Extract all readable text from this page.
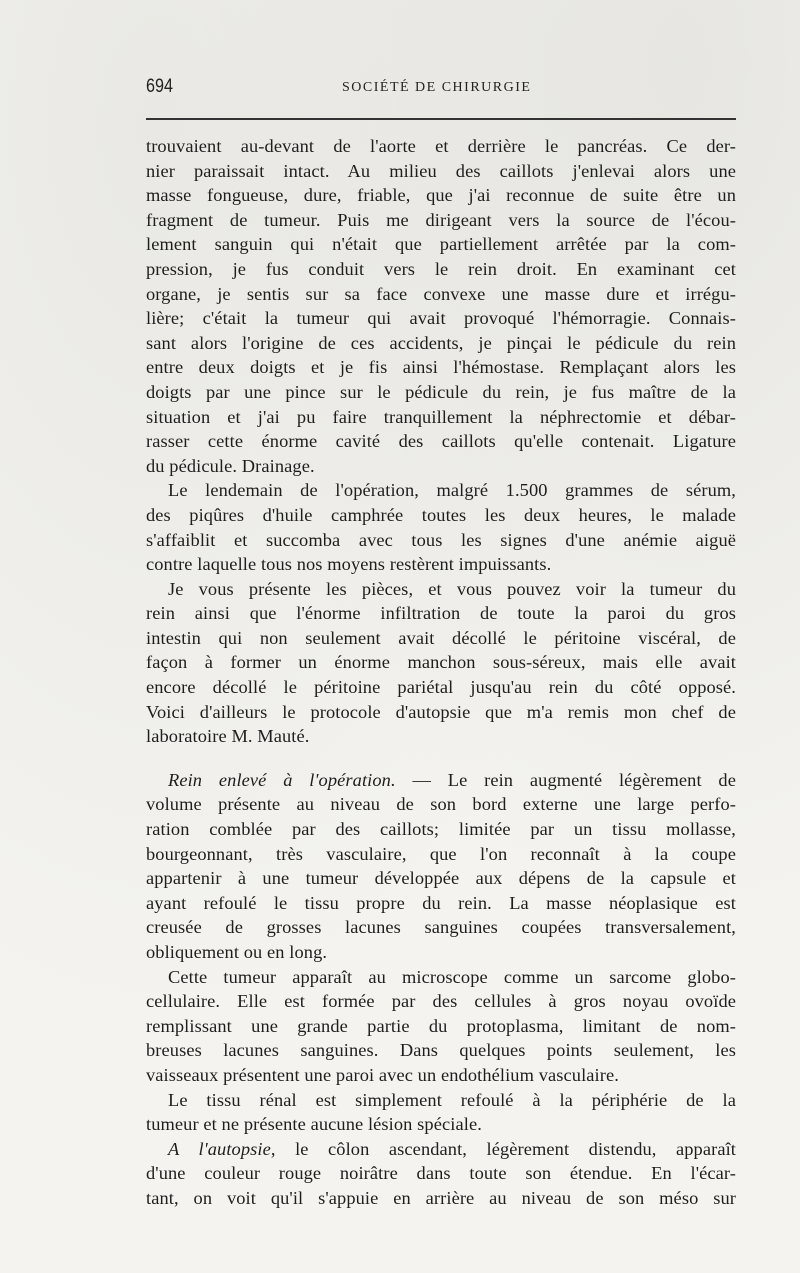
694	SOCIÉTÉ DE CHIRURGIE
trouvaient au-devant de l'aorte et derrière le pancréas. Ce der-
nier paraissait intact. Au milieu des caillots j'enlevai alors une
masse fongueuse, dure, friable, que j'ai reconnue de suite être un
fragment de tumeur. Puis me dirigeant vers la source de l'écou-
lement sanguin qui n'était que partiellement arrêtée par la com-
pression, je fus conduit vers le rein droit. En examinant cet
organe, je sentis sur sa face convexe une masse dure et irrégu-
lière; c'était la tumeur qui avait provoqué l'hémorragie. Connais-
sant alors l'origine de ces accidents, je pinçai le pédicule du rein
entre deux doigts et je fis ainsi l'hémostase. Remplaçant alors les
doigts par une pince sur le pédicule du rein, je fus maître de la
situation et j'ai pu faire tranquillement la néphrectomie et débar-
rasser cette énorme cavité des caillots qu'elle contenait. Ligature
du pédicule. Drainage.
Le lendemain de l'opération, malgré 1.500 grammes de sérum,
des piqûres d'huile camphrée toutes les deux heures, le malade
s'affaiblit et succomba avec tous les signes d'une anémie aiguë
contre laquelle tous nos moyens restèrent impuissants.
Je vous présente les pièces, et vous pouvez voir la tumeur du
rein ainsi que l'énorme infiltration de toute la paroi du gros
intestin qui non seulement avait décollé le péritoine viscéral, de
façon à former un énorme manchon sous-séreux, mais elle avait
encore décollé le péritoine pariétal jusqu'au rein du côté opposé.
Voici d'ailleurs le protocole d'autopsie que m'a remis mon chef de
laboratoire M. Mauté.
Rein enlevé à l'opération. — Le rein augmenté légèrement de
volume présente au niveau de son bord externe une large perfo-
ration comblée par des caillots; limitée par un tissu mollasse,
bourgeonnant, très vasculaire, que l'on reconnaît à la coupe
appartenir à une tumeur développée aux dépens de la capsule et
ayant refoulé le tissu propre du rein. La masse néoplasique est
creusée de grosses lacunes sanguines coupées transversalement,
obliquement ou en long.
Cette tumeur apparaît au microscope comme un sarcome globo-
cellulaire. Elle est formée par des cellules à gros noyau ovoïde
remplissant une grande partie du protoplasma, limitant de nom-
breuses lacunes sanguines. Dans quelques points seulement, les
vaisseaux présentent une paroi avec un endothélium vasculaire.
Le tissu rénal est simplement refoulé à la périphérie de la
tumeur et ne présente aucune lésion spéciale.
A l'autopsie, le côlon ascendant, légèrement distendu, apparaît
d'une couleur rouge noirâtre dans toute son étendue. En l'écar-
tant, on voit qu'il s'appuie en arrière au niveau de son méso sur
